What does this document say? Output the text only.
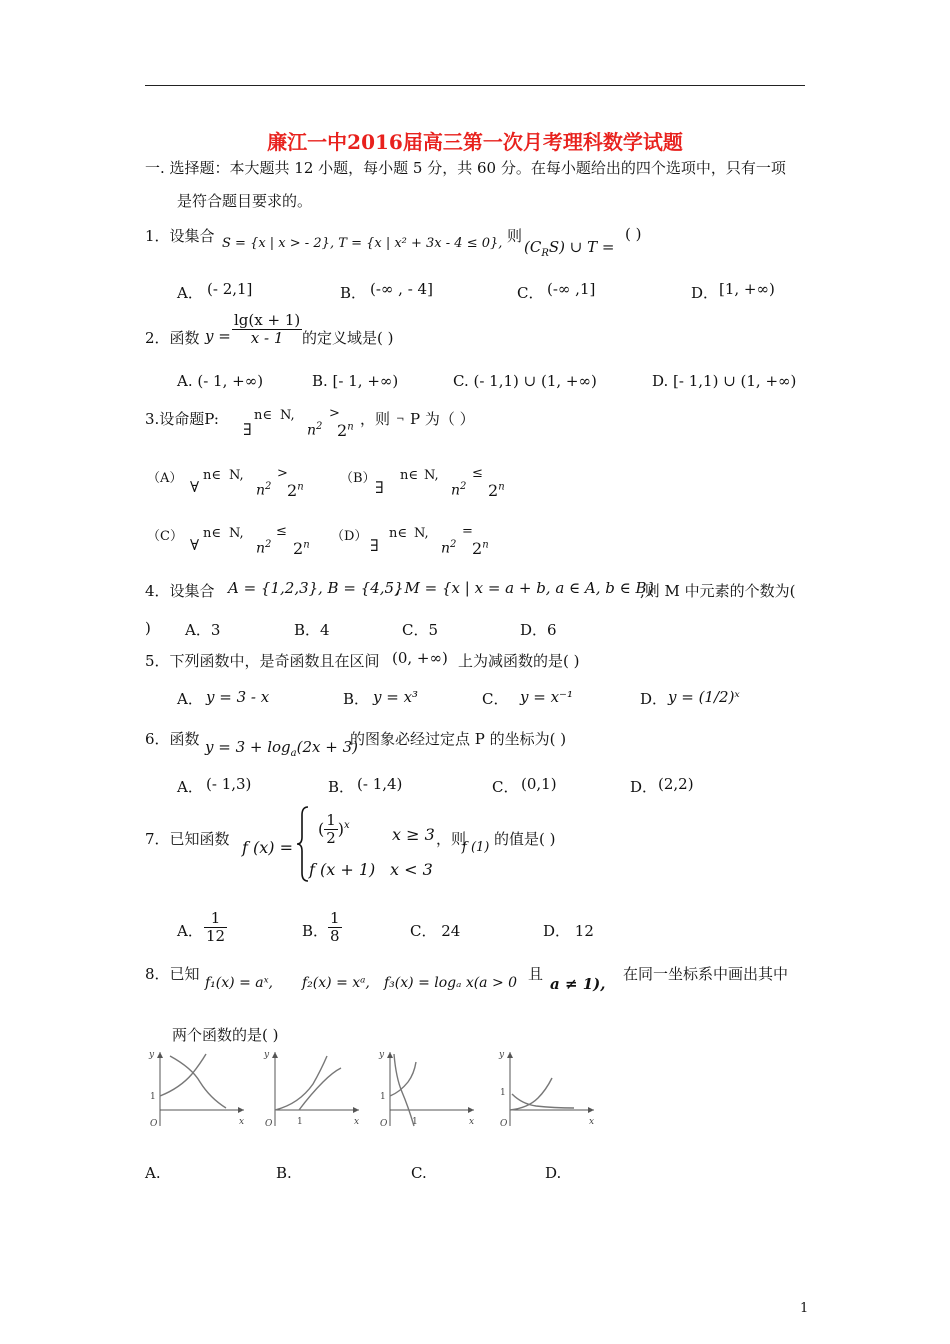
廉江一中2016届高三第一次月考理科数学试题
一. 选择题：本大题共 12 小题，每小题 5 分，共 60 分。在每小题给出的四个选项中，只有一项
是符合题目要求的。
1．设集合 S = {x | x > - 2} , T = {x | x² + 3x - 4 ≤ 0}, 则
$(C_RS)$ ∪ T =
( )
A． (- 2,1]	B． (-∞ , - 4]	C． (-∞ ,1]	D． [1, +∞)
2．函数 $y = \frac{\lg(x + 1)}{x - 1}$ 的定义域是( )
A. (- 1, +∞)	B. [- 1, +∞)	C. (- 1,1) ∪ (1, +∞)	D. [- 1,1) ∪ (1, +∞)
3.设命题P:
∃
n∈ N,
$n^2$
>
$2^n$ ，则 ¬ P 为（ ）
（A） ∀
n∈ N,
$n^2$
>
$2^n$
（B） ∃
n∈ N,
$n^2$
≤
$2^n$
（C） ∀
n∈ N,
$n^2$
≤
$2^n$
（D） ∃
n∈ N,
$n^2$
=
$2^n$
4．设集合 A = {1,2,3} , B = {4,5}
, M = {x | x = a + b, a ∈ A, b ∈ B}
,则 M 中元素的个数为(
) A．3	B．4	C．5	D．6
5．下列函数中，是奇函数且在区间 (0, +∞) 上为减函数的是( )
A． y = 3 - x	B． y = x³	C． y = x⁻¹	D． y = (1/2)ˣ
6．函数 $y = 3 + \log_a(2x + 3)$
的图象必经过定点 P 的坐标为( )
A． (- 1,3)	B． (- 1,4)	C． (0,1)	D． (2,2)
7．已知函数 f (x) =
( $\frac{1}{2} )^x$	x ≥ 3
f (x + 1) x < 3
，则
f (1) 的值是( )
A． $\frac{1}{12}$	B． $\frac{1}{8}$	C． 24	D． 12
8．已知 f₁(x) = aˣ, f₂(x) = xᵃ, f₃(x) = logₐ x(a > 0 且
a ≠ 1),
在同一坐标系中画出其中
两个函数的是( )
y
x
O
1
y
x
O	1
y
x
O
1
1
y
x
O
1
A.	B.	C.	D.
1
